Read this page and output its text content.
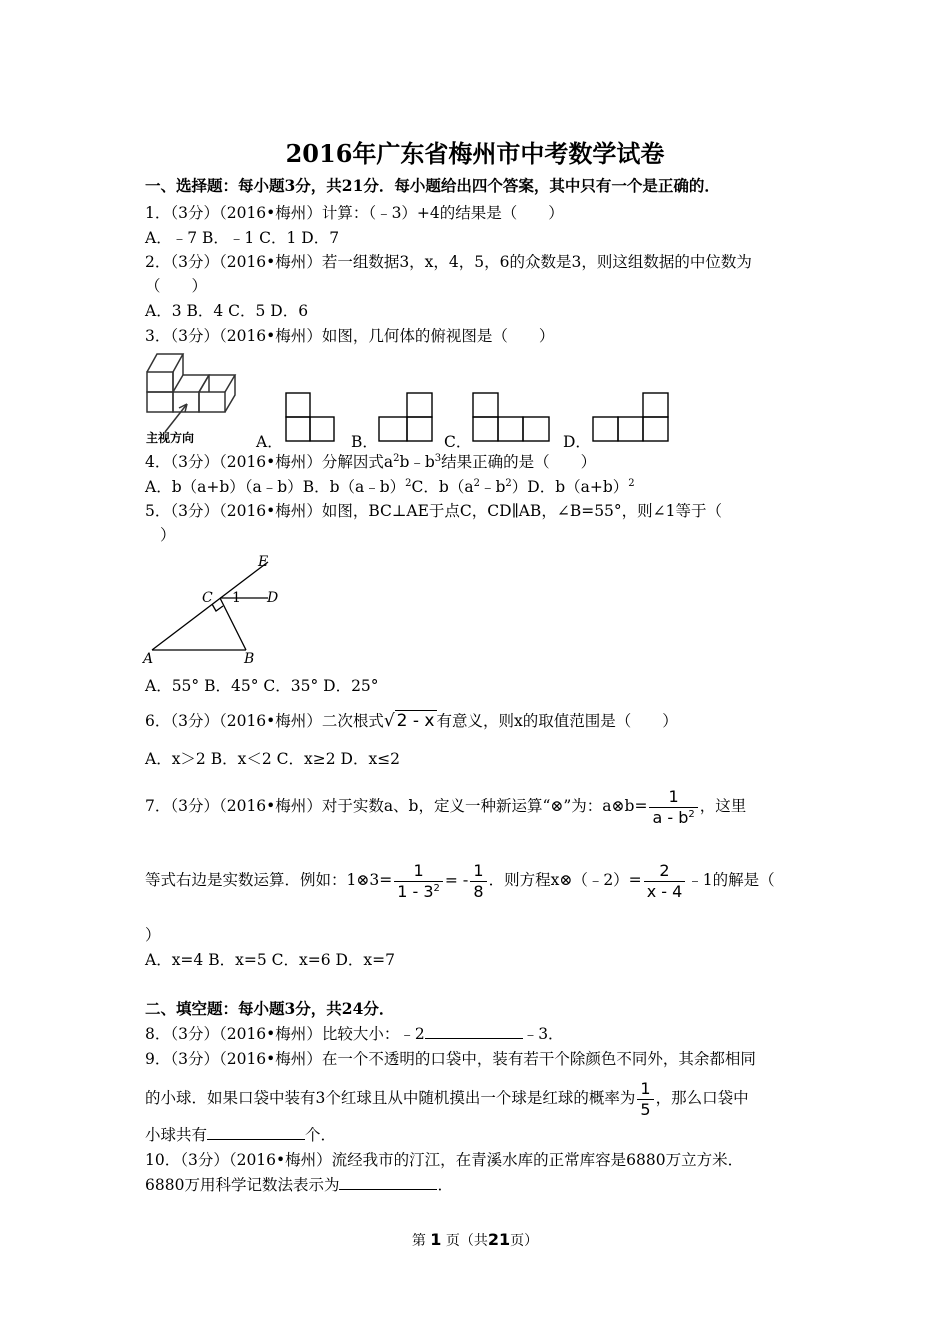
2016年广东省梅州市中考数学试卷
一、选择题：每小题3分，共21分．每小题给出四个答案，其中只有一个是正确的．
1．（3分）（2016•梅州）计算：（﹣3）+4的结果是（　　）
A．﹣7 B．﹣1 C．1 D．7
2．（3分）（2016•梅州）若一组数据3，x，4，5，6的众数是3，则这组数据的中位数为
（　　）
A．3 B．4 C．5 D．6
3．（3分）（2016•梅州）如图，几何体的俯视图是（　　）
主视方向	A．	B．	C．	D．
4．（3分）（2016•梅州）分解因式$a^2b﹣b^3$结果正确的是（　　）
A．b（a+b）（a﹣b）B．b（a﹣b）$^2$C．$b(a^2﹣b^2)D$．$b(a+b)^2$
5．（3分）（2016•梅州）如图，BC⊥AE于点C，CD∥AB，∠B=55°，则∠1等于（
）
E
C 1 D
A	B
A．55° B．45° C．35° D．25°
6．（3分）（2016•梅州）二次根式√ 2 - x 有意义，则x的取值范围是（　　）
A．x＞2 B．x＜2 C．x≥2 D．x≤2
7．（3分）（2016•梅州）对于实数a、b，定义一种新运算“⊗”为：a⊗b= $\frac{1}{a - b^2}$ ，这里
等式右边是实数运算．例如：1⊗3= $\frac{1}{1 - 3^2}$ = - $\frac{1}{8}$ ．则方程x⊗（﹣2）= $\frac{2}{x - 4}$ ﹣1的解是（
）
A．x=4 B．x=5 C．x=6 D．x=7
二、填空题：每小题3分，共24分．
8．（3分）（2016•梅州）比较大小：﹣2	﹣3．
9．（3分）（2016•梅州）在一个不透明的口袋中，装有若干个除颜色不同外，其余都相同
的小球．如果口袋中装有3个红球且从中随机摸出一个球是红球的概率为 $\frac{1}{5}$ ，那么口袋中
小球共有	个．
10．（3分）（2016•梅州）流经我市的汀江，在青溪水库的正常库容是6880万立方米．
6880万用科学记数法表示为	．
第 1 页（共21页）
